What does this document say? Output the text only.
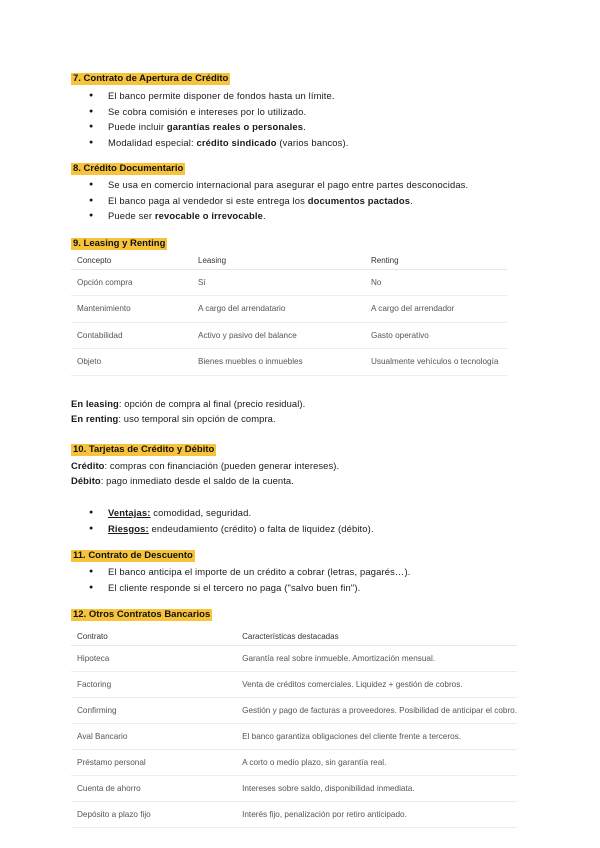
7. Contrato de Apertura de Crédito
● El banco permite disponer de fondos hasta un límite.
● Se cobra comisión e intereses por lo utilizado.
● Puede incluir garantías reales o personales.
● Modalidad especial: crédito sindicado (varios bancos).
8. Crédito Documentario
● Se usa en comercio internacional para asegurar el pago entre partes desconocidas.
● El banco paga al vendedor si este entrega los documentos pactados.
● Puede ser revocable o irrevocable.
9. Leasing y Renting
Concepto	Leasing	Renting
Opción compra	Sí	No
Mantenimiento	A cargo del arrendatario	A cargo del arrendador
Contabilidad	Activo y pasivo del balance	Gasto operativo
Objeto	Bienes muebles o inmuebles	Usualmente vehículos o tecnología
En leasing: opción de compra al final (precio residual).
En renting: uso temporal sin opción de compra.
10. Tarjetas de Crédito y Débito
Crédito: compras con financiación (pueden generar intereses).
Débito: pago inmediato desde el saldo de la cuenta.
● Ventajas: comodidad, seguridad.
● Riesgos: endeudamiento (crédito) o falta de liquidez (débito).
11. Contrato de Descuento
● El banco anticipa el importe de un crédito a cobrar (letras, pagarés…).
● El cliente responde si el tercero no paga ("salvo buen fin").
12. Otros Contratos Bancarios
Contrato	Características destacadas
Hipoteca	Garantía real sobre inmueble. Amortización mensual.
Factoring	Venta de créditos comerciales. Liquidez + gestión de cobros.
Confirming	Gestión y pago de facturas a proveedores. Posibilidad de anticipar el cobro.
Aval Bancario	El banco garantiza obligaciones del cliente frente a terceros.
Préstamo personal	A corto o medio plazo, sin garantía real.
Cuenta de ahorro	Intereses sobre saldo, disponibilidad inmediata.
Depósito a plazo fijo	Interés fijo, penalización por retiro anticipado.
